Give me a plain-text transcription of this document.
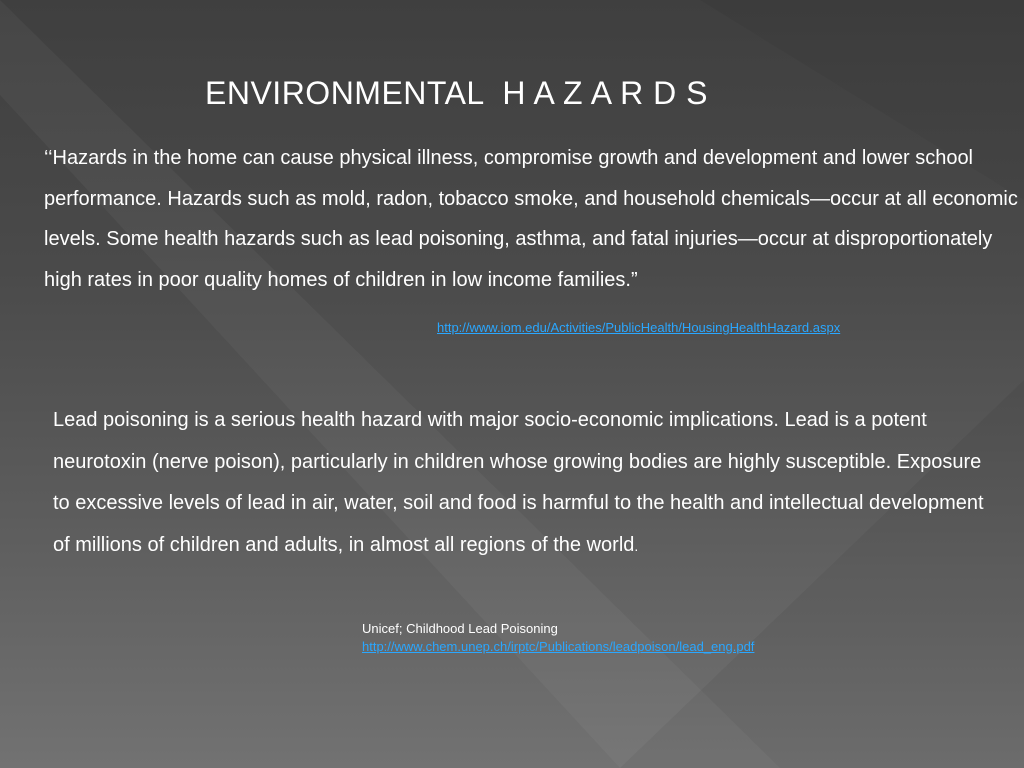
ENVIRONMENTAL  H A Z A R D S

‘‘Hazards in the home can cause physical illness, compromise growth and development and lower school performance. Hazards such as mold, radon, tobacco smoke, and household chemicals—occur at all economic levels. Some health hazards such as lead poisoning, asthma, and fatal injuries—occur at disproportionately high rates in poor quality homes of children in low income families.”

http://www.iom.edu/Activities/PublicHealth/HousingHealthHazard.aspx

Lead poisoning is a serious health hazard with major socio-economic implications. Lead is a potent neurotoxin (nerve poison), particularly in children whose growing bodies are highly susceptible. Exposure to excessive levels of lead in air, water, soil and food is harmful to the health and intellectual development of millions of children and adults, in almost all regions of the world.

Unicef; Childhood Lead Poisoning
http://www.chem.unep.ch/irptc/Publications/leadpoison/lead_eng.pdf
